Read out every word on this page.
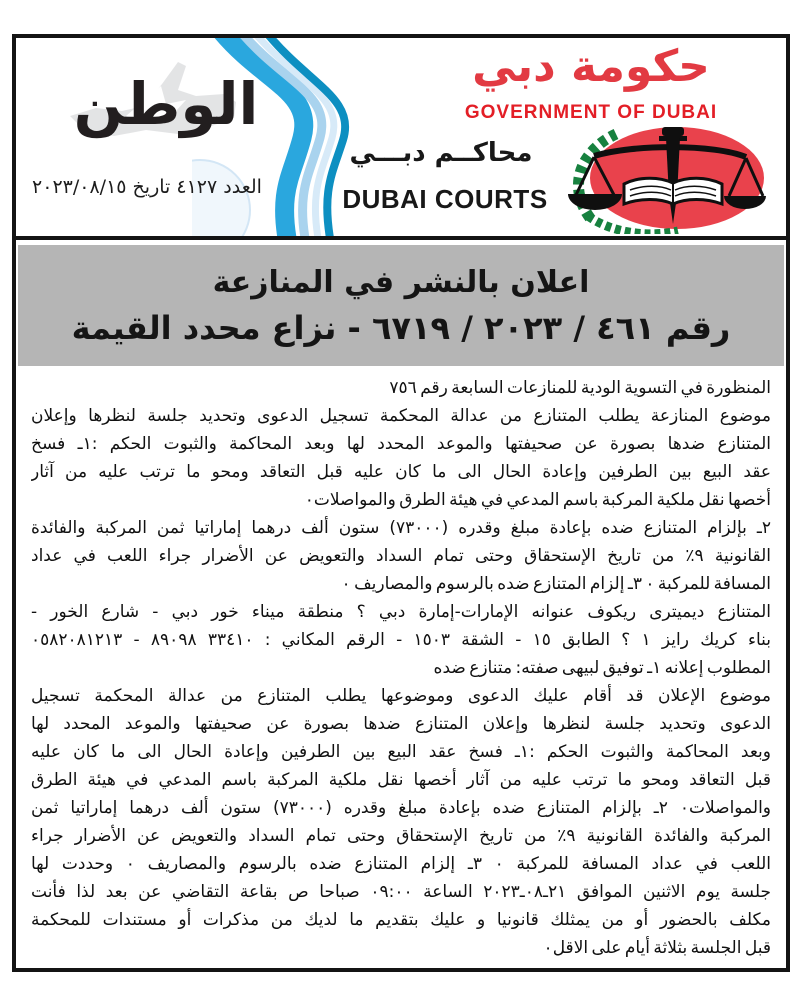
الوطن
العدد ٤١٢٧ تاريخ ٢٠٢٣/٠٨/١٥
حكومة دبي
GOVERNMENT OF DUBAI
محاكــم دبـــي
DUBAI COURTS
اعلان بالنشر في المنازعة
رقم ٤٦١ / ٢٠٢٣ / ٦٧١٩ - نزاع محدد القيمة
المنظورة في التسوية الودية للمنازعات السابعة رقم ٧٥٦
موضوع المنازعة يطلب المتنازع من عدالة المحكمة تسجيل الدعوى وتحديد جلسة لنظرها وإعلان
المتنازع ضدها بصورة عن صحيفتها والموعد المحدد لها وبعد المحاكمة والثبوت الحكم :١ـ فسخ
عقد البيع بين الطرفين وإعادة الحال الى ما كان عليه قبل التعاقد ومحو ما ترتب عليه من آثار
أخصها نقل ملكية المركبة باسم المدعي في هيئة الطرق والمواصلات٠
٢ـ بإلزام المتنازع ضده بإعادة مبلغ وقدره (٧٣٠٠٠) ستون ألف درهما إماراتيا ثمن المركبة والفائدة
القانونية ٩٪ من تاريخ الإستحقاق وحتى تمام السداد والتعويض عن الأضرار جراء اللعب في عداد
المسافة للمركبة ٠ ٣ـ إلزام المتنازع ضده بالرسوم والمصاريف ٠
المتنازع ديميترى ريكوف عنوانه الإمارات-إمارة دبي ؟ منطقة ميناء خور دبي - شارع الخور -
بناء كريك رايز ١ ؟ الطابق ١٥ - الشقة ١٥٠٣ - الرقم المكاني : ٣٣٤١٠ ٨٩٠٩٨ - ٠٥٨٢٠٨١٢١٣
المطلوب إعلانه ١ـ توفيق لبيهى صفته: متنازع ضده
موضوع الإعلان قد أقام عليك الدعوى وموضوعها يطلب المتنازع من عدالة المحكمة تسجيل
الدعوى وتحديد جلسة لنظرها وإعلان المتنازع ضدها بصورة عن صحيفتها والموعد المحدد لها
وبعد المحاكمة والثبوت الحكم :١ـ فسخ عقد البيع بين الطرفين وإعادة الحال الى ما كان عليه
قبل التعاقد ومحو ما ترتب عليه من آثار أخصها نقل ملكية المركبة باسم المدعي في هيئة الطرق
والمواصلات٠ ٢ـ بإلزام المتنازع ضده بإعادة مبلغ وقدره (٧٣٠٠٠) ستون ألف درهما إماراتيا ثمن
المركبة والفائدة القانونية ٩٪ من تاريخ الإستحقاق وحتى تمام السداد والتعويض عن الأضرار جراء
اللعب في عداد المسافة للمركبة ٠ ٣ـ إلزام المتنازع ضده بالرسوم والمصاريف ٠ وحددت لها
جلسة يوم الاثنين الموافق ٢١ـ٠٨ـ٢٠٢٣ الساعة ٠٩:٠٠ صباحا ص بقاعة التقاضي عن بعد لذا فأنت
مكلف بالحضور أو من يمثلك قانونيا و عليك بتقديم ما لديك من مذكرات أو مستندات للمحكمة
قبل الجلسة بثلاثة أيام على الاقل٠
